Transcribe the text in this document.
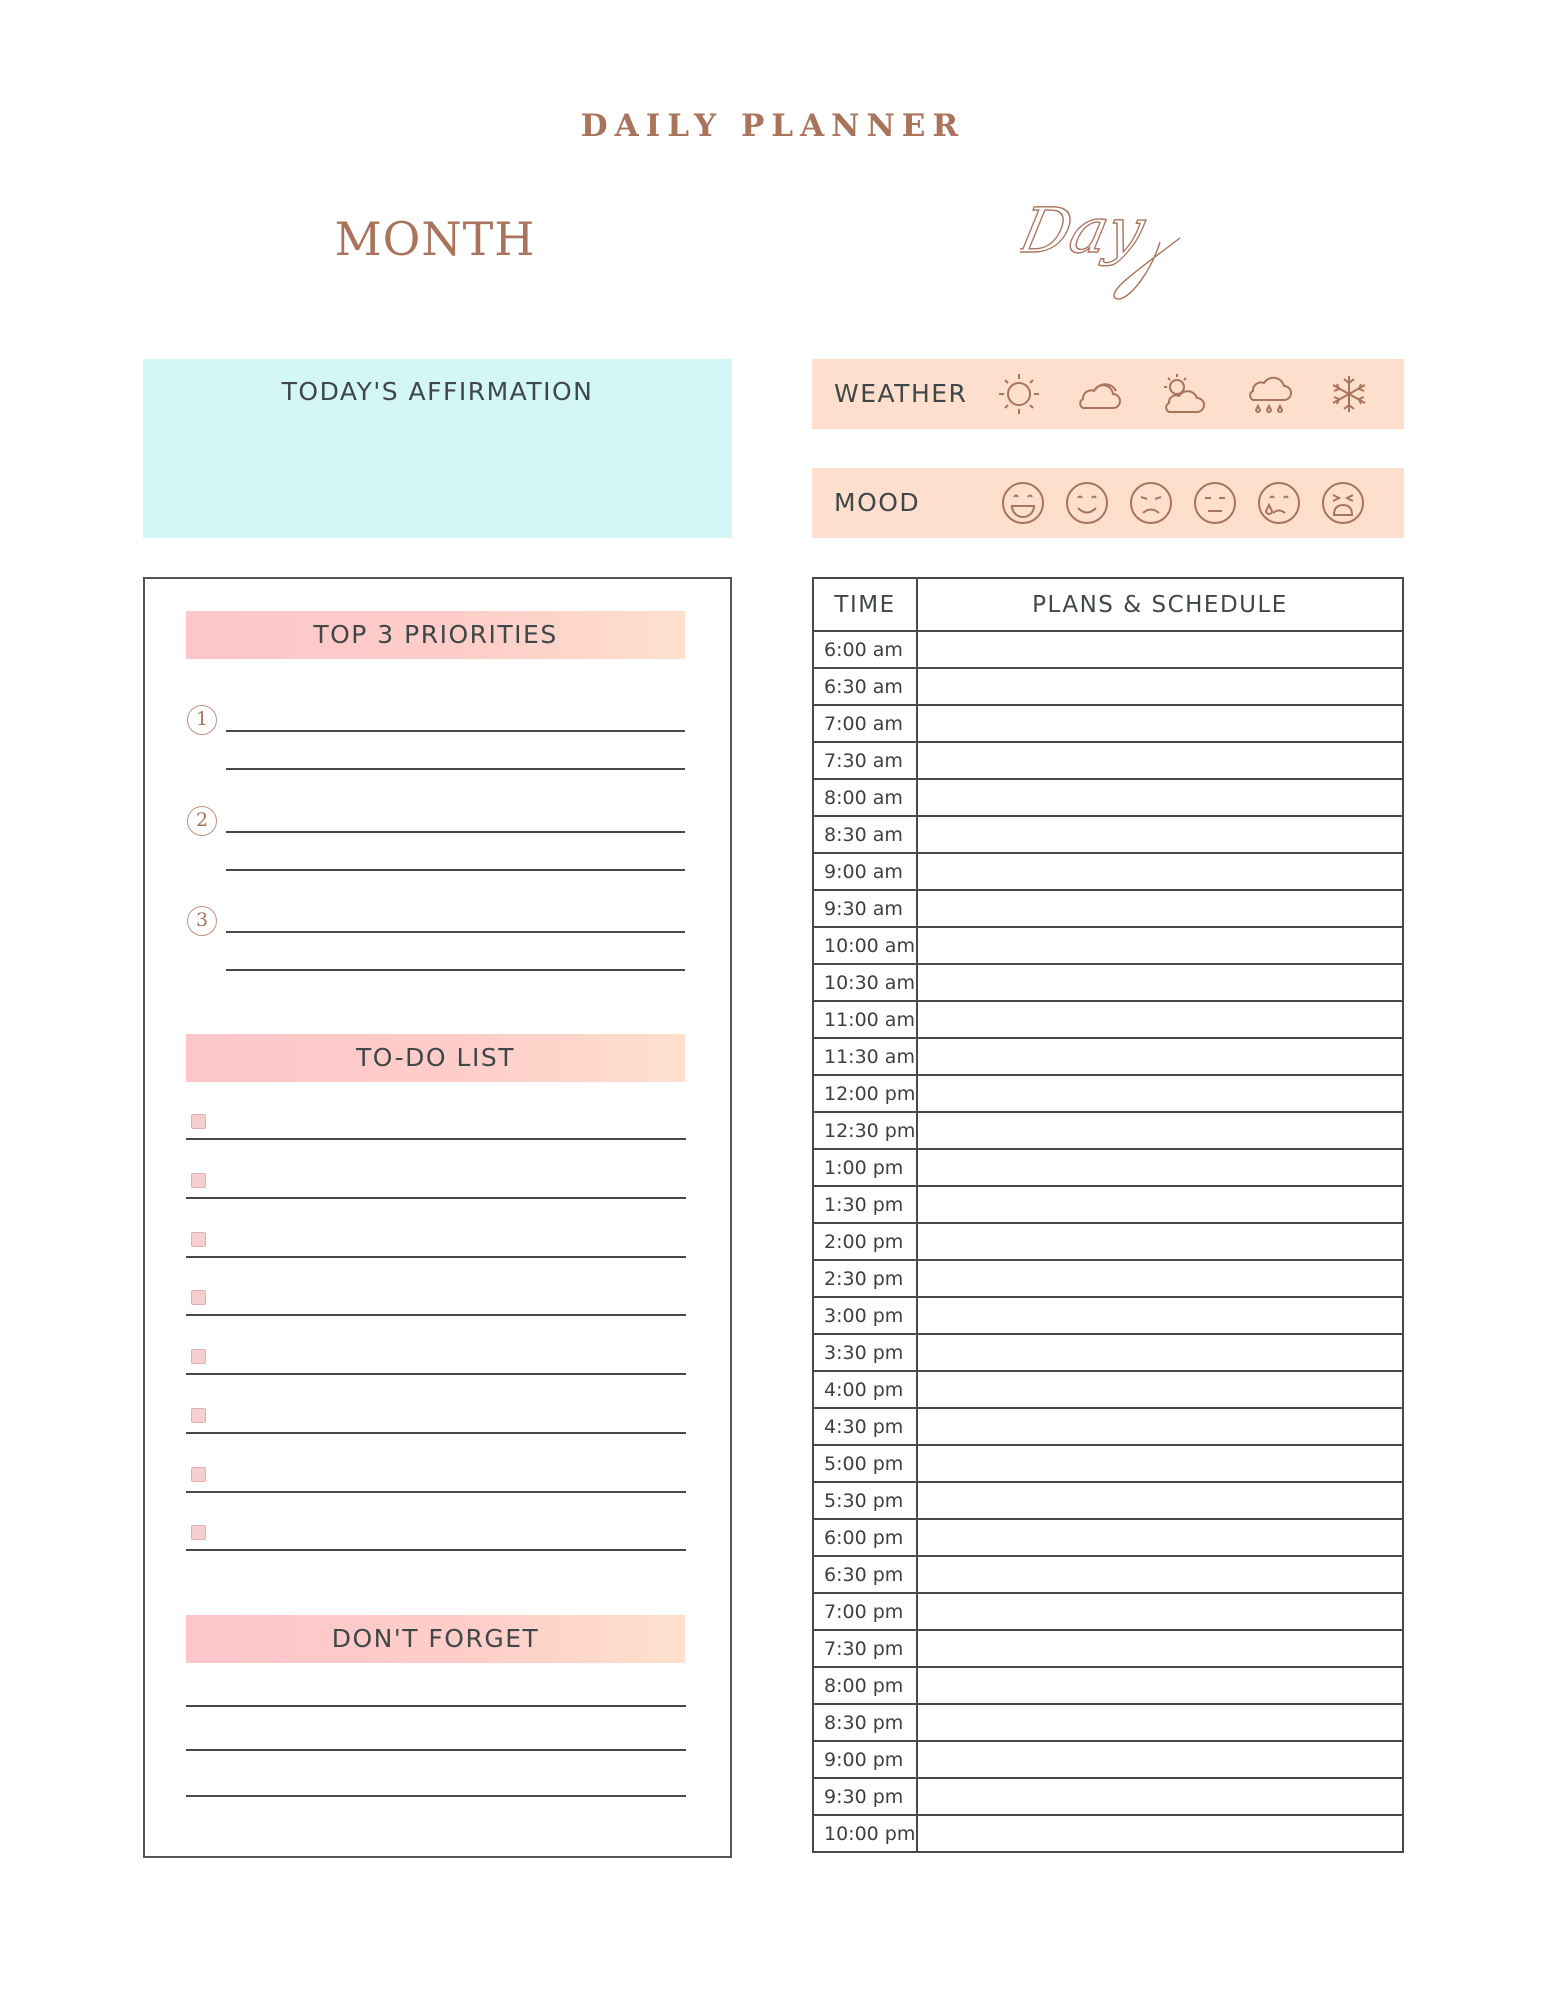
DAILY PLANNER
MONTH	Day
TODAY'S AFFIRMATION	WEATHER
MOOD
TOP 3 PRIORITIES
1
2
3
TO-DO LIST
DON'T FORGET
TIME	PLANS & SCHEDULE
6:00 am	
6:30 am	
7:00 am	
7:30 am	
8:00 am	
8:30 am	
9:00 am	
9:30 am	
10:00 am	
10:30 am	
11:00 am	
11:30 am	
12:00 pm	
12:30 pm	
1:00 pm	
1:30 pm	
2:00 pm	
2:30 pm	
3:00 pm	
3:30 pm	
4:00 pm	
4:30 pm	
5:00 pm	
5:30 pm	
6:00 pm	
6:30 pm	
7:00 pm	
7:30 pm	
8:00 pm	
8:30 pm	
9:00 pm	
9:30 pm	
10:00 pm	
